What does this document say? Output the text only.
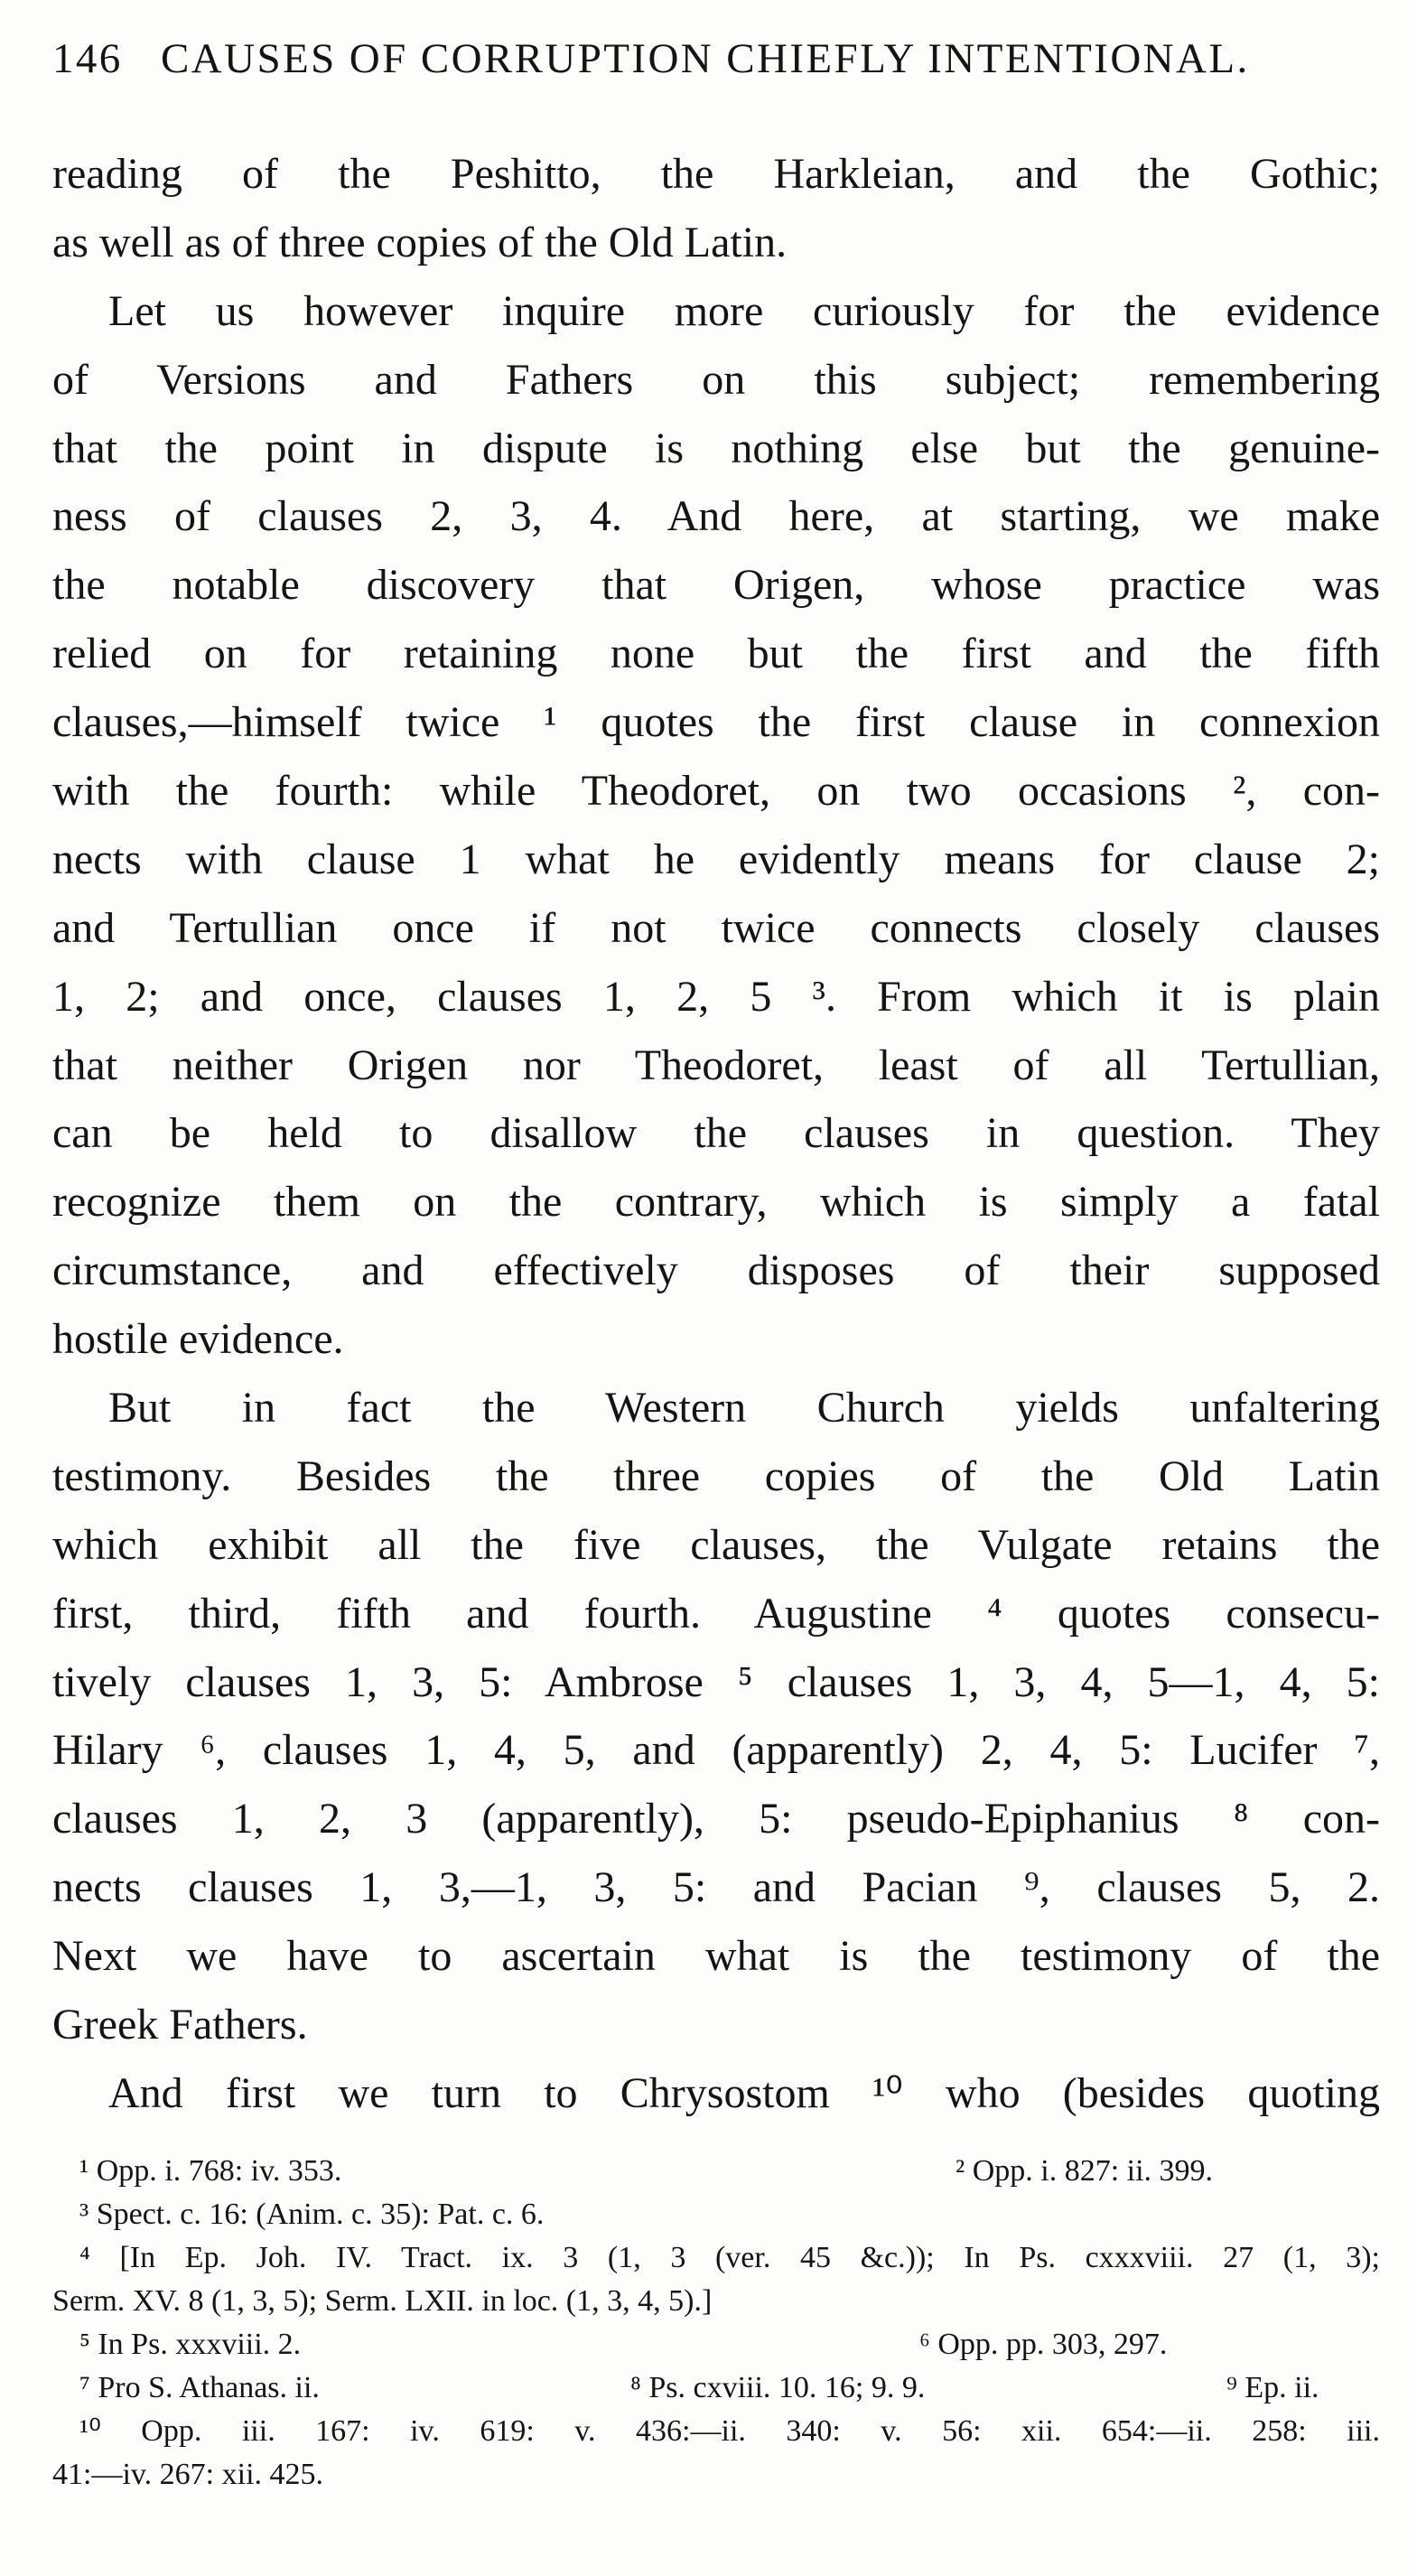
146 CAUSES OF CORRUPTION CHIEFLY INTENTIONAL.
reading of the Peshitto, the Harkleian, and the Gothic;
as well as of three copies of the Old Latin.
Let us however inquire more curiously for the evidence
of Versions and Fathers on this subject; remembering
that the point in dispute is nothing else but the genuine-
ness of clauses 2, 3, 4. And here, at starting, we make
the notable discovery that Origen, whose practice was
relied on for retaining none but the first and the fifth
clauses,—himself twice ¹ quotes the first clause in connexion
with the fourth: while Theodoret, on two occasions ², con-
nects with clause 1 what he evidently means for clause 2;
and Tertullian once if not twice connects closely clauses
1, 2; and once, clauses 1, 2, 5 ³. From which it is plain
that neither Origen nor Theodoret, least of all Tertullian,
can be held to disallow the clauses in question. They
recognize them on the contrary, which is simply a fatal
circumstance, and effectively disposes of their supposed
hostile evidence.
But in fact the Western Church yields unfaltering
testimony. Besides the three copies of the Old Latin
which exhibit all the five clauses, the Vulgate retains the
first, third, fifth and fourth. Augustine ⁴ quotes consecu-
tively clauses 1, 3, 5: Ambrose ⁵ clauses 1, 3, 4, 5—1, 4, 5:
Hilary ⁶, clauses 1, 4, 5, and (apparently) 2, 4, 5: Lucifer ⁷,
clauses 1, 2, 3 (apparently), 5: pseudo-Epiphanius ⁸ con-
nects clauses 1, 3,—1, 3, 5: and Pacian ⁹, clauses 5, 2.
Next we have to ascertain what is the testimony of the
Greek Fathers.
And first we turn to Chrysostom ¹⁰ who (besides quoting
¹ Opp. i. 768: iv. 353.	² Opp. i. 827: ii. 399.
³ Spect. c. 16: (Anim. c. 35): Pat. c. 6.
⁴ [In Ep. Joh. IV. Tract. ix. 3 (1, 3 (ver. 45 &c.)); In Ps. cxxxviii. 27 (1, 3);
Serm. XV. 8 (1, 3, 5); Serm. LXII. in loc. (1, 3, 4, 5).]
⁵ In Ps. xxxviii. 2.	⁶ Opp. pp. 303, 297.
⁷ Pro S. Athanas. ii.	⁸ Ps. cxviii. 10. 16; 9. 9.	⁹ Ep. ii.
¹⁰ Opp. iii. 167: iv. 619: v. 436:—ii. 340: v. 56: xii. 654:—ii. 258: iii.
41:—iv. 267: xii. 425.
